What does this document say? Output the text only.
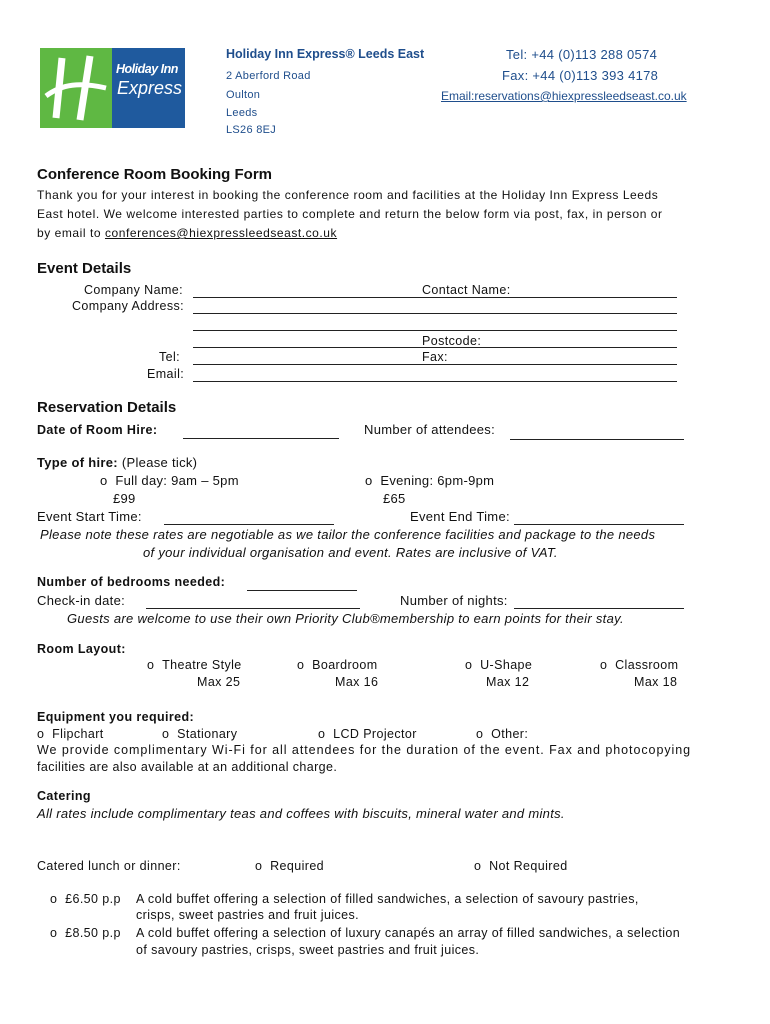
Holiday Inn
Express
Holiday Inn Express® Leeds East
2 Aberford Road
Oulton
Leeds
LS26 8EJ
Tel: +44 (0)113 288 0574
Fax: +44 (0)113 393 4178
Email:reservations@hiexpressleedseast.co.uk
Conference Room Booking Form
Thank you for your interest in booking the conference room and facilities at the Holiday Inn Express Leeds
East hotel. We welcome interested parties to complete and return the below form via post, fax, in person or
by email to conferences@hiexpressleedseast.co.uk
Event Details
Company Name:	Contact Name:
Company Address:
Postcode:
Tel:	Fax:
Email:
Reservation Details
Date of Room Hire:	Number of attendees:
Type of hire: (Please tick)
o Full day: 9am – 5pm
£99
o Evening: 6pm-9pm
£65
Event Start Time:	Event End Time:
Please note these rates are negotiable as we tailor the conference facilities and package to the needs
of your individual organisation and event. Rates are inclusive of VAT.
Number of bedrooms needed:
Check-in date:	Number of nights:
Guests are welcome to use their own Priority Club®membership to earn points for their stay.
Room Layout:
o Theatre Style
Max 25
o Boardroom
Max 16
o U-Shape
Max 12
o Classroom
Max 18
Equipment you required:
o Flipchart	o Stationary	o LCD Projector	o Other:
We provide complimentary Wi-Fi for all attendees for the duration of the event. Fax and photocopying
facilities are also available at an additional charge.
Catering
All rates include complimentary teas and coffees with biscuits, mineral water and mints.
Catered lunch or dinner:	o Required	o Not Required
o £6.50 p.p A cold buffet offering a selection of filled sandwiches, a selection of savoury pastries,
crisps, sweet pastries and fruit juices.
o £8.50 p.p A cold buffet offering a selection of luxury canapés an array of filled sandwiches, a selection
of savoury pastries, crisps, sweet pastries and fruit juices.
